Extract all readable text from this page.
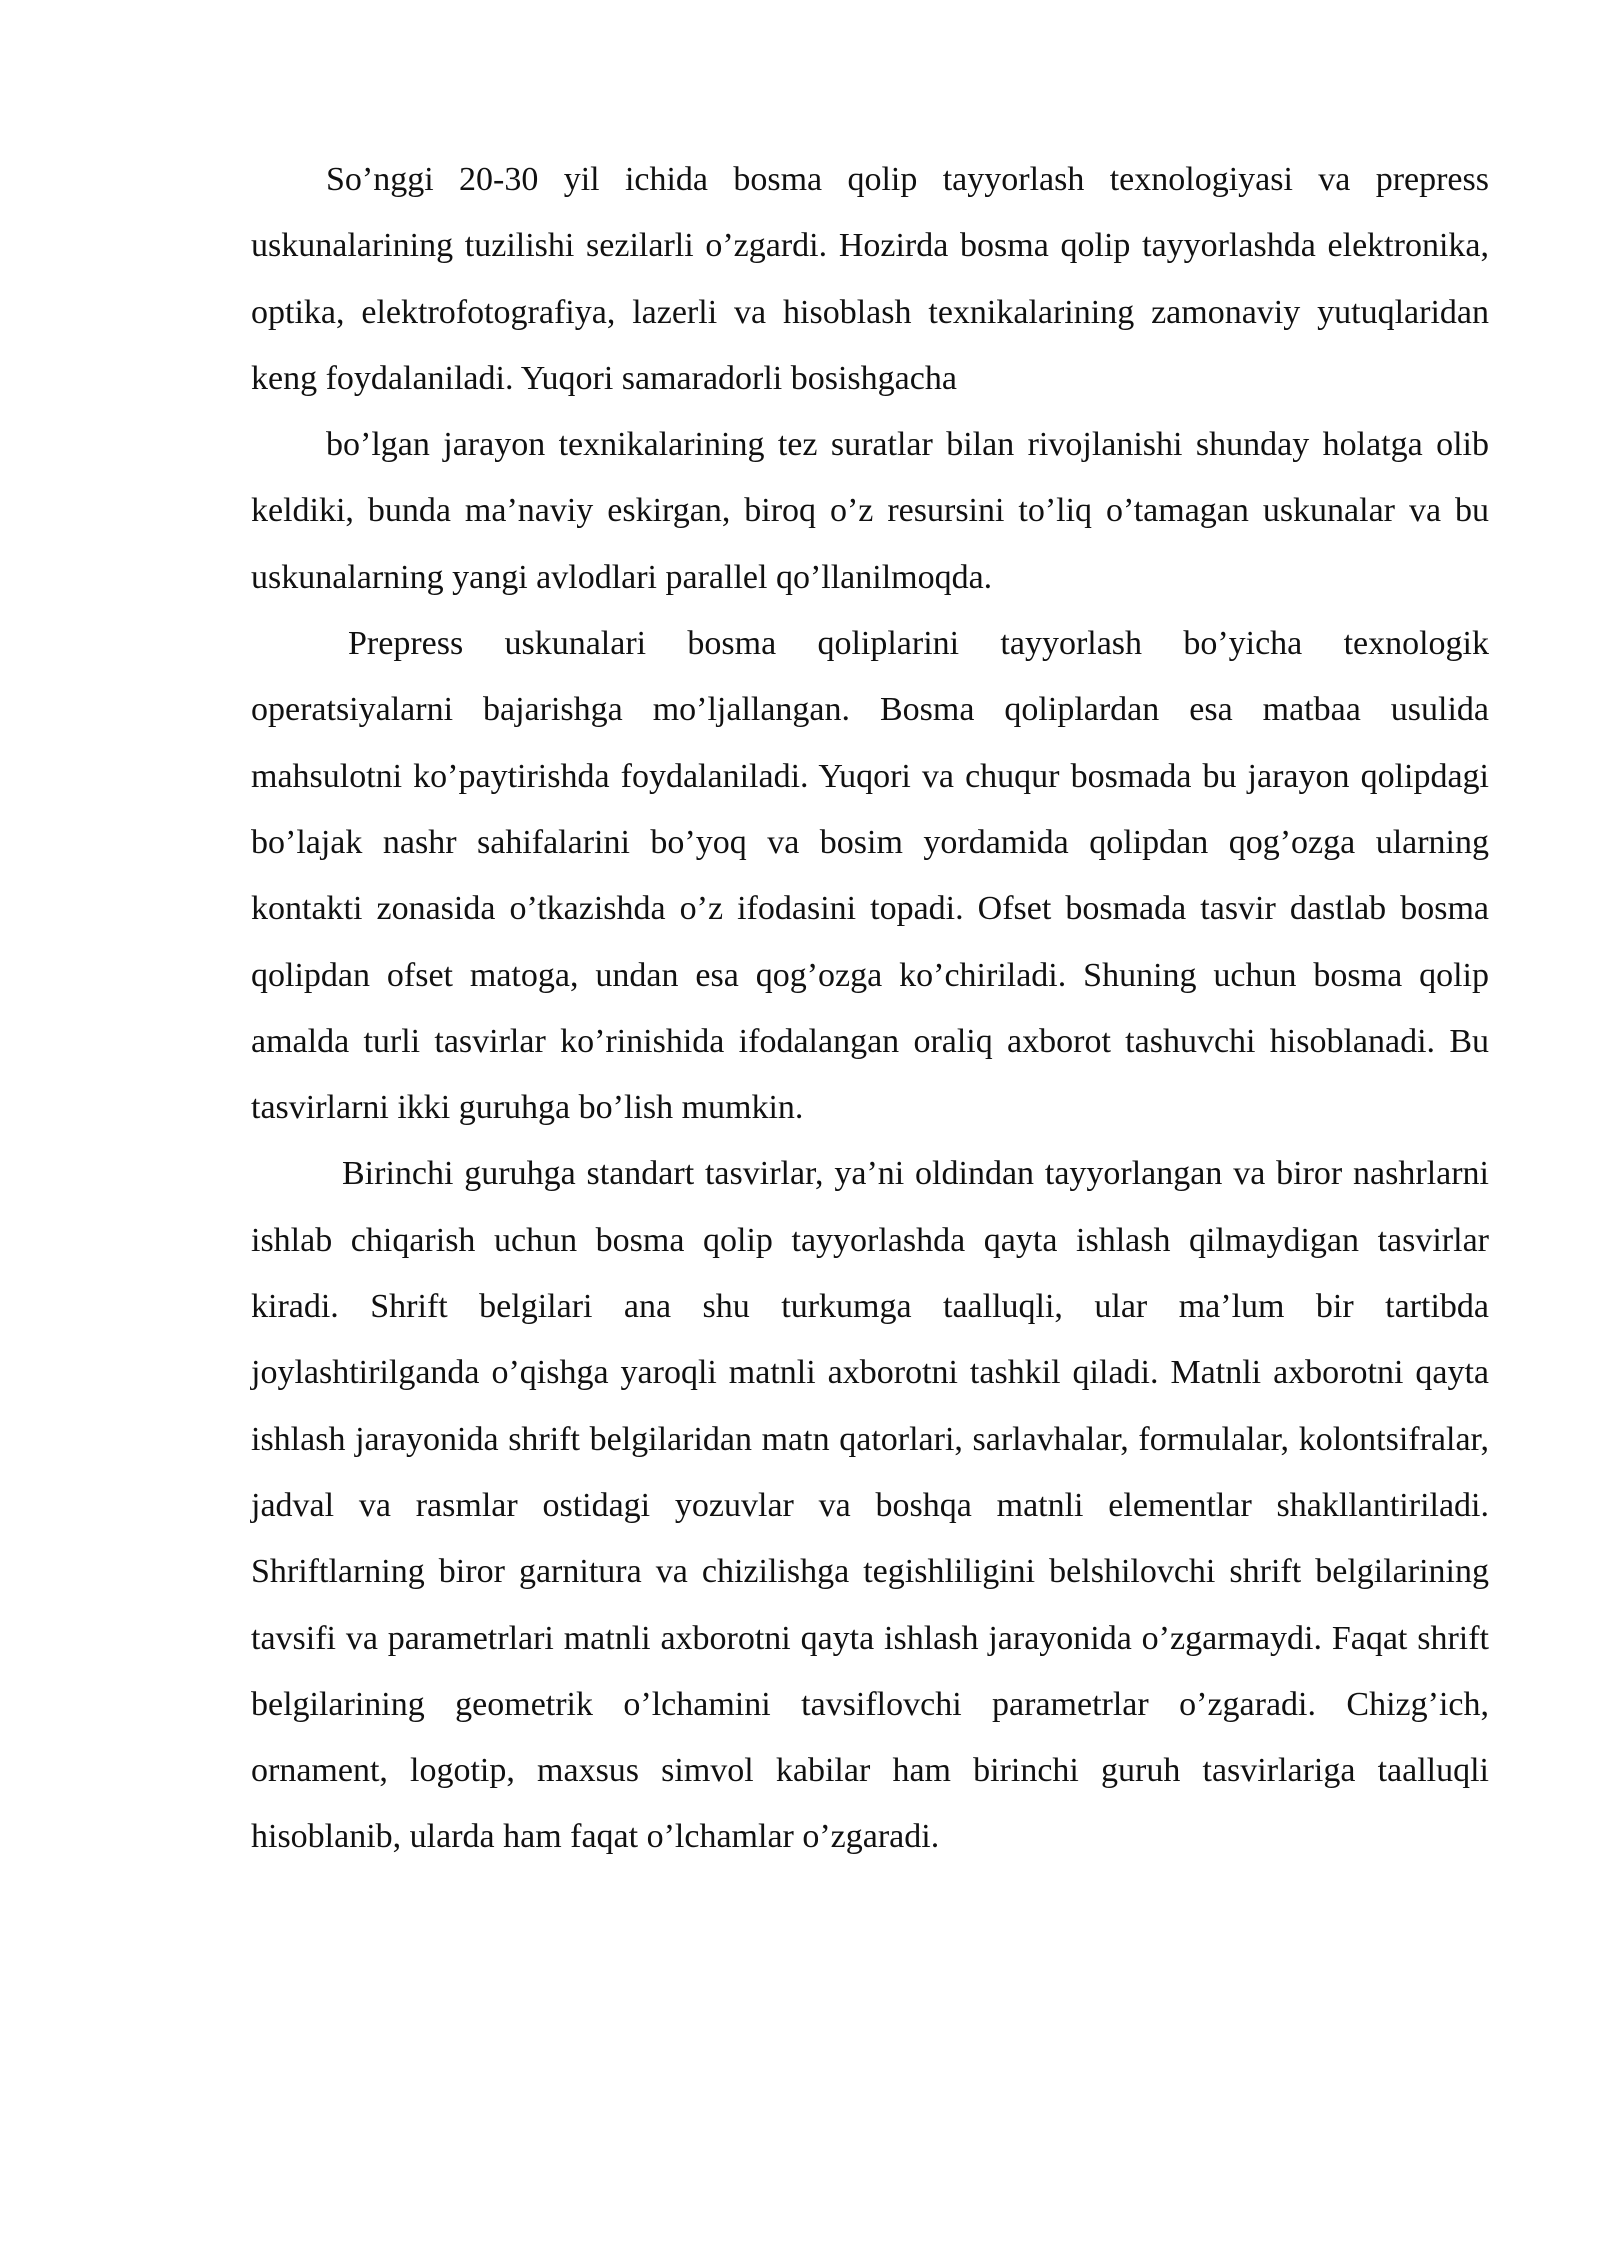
So’nggi 20-30 yil ichida bosma qolip tayyorlash texnologiyasi va prepress uskunalarining tuzilishi sezilarli o’zgardi. Hozirda bosma qolip tayyorlashda elektronika, optika, elektrofotografiya, lazerli va hisoblash texnikalarining zamonaviy yutuqlaridan keng foydalaniladi. Yuqori samaradorli bosishgacha

bo’lgan jarayon texnikalarining tez suratlar bilan rivojlanishi shunday holatga olib keldiki, bunda ma’naviy eskirgan, biroq o’z resursini to’liq o’tamagan uskunalar va bu uskunalarning yangi avlodlari parallel qo’llanilmoqda.

Prepress uskunalari bosma qoliplarini tayyorlash bo’yicha texnologik operatsiyalarni bajarishga mo’ljallangan. Bosma qoliplardan esa matbaa usulida mahsulotni ko’paytirishda foydalaniladi. Yuqori va chuqur bosmada bu jarayon qolipdagi bo’lajak nashr sahifalarini bo’yoq va bosim yordamida qolipdan qog’ozga ularning kontakti zonasida o’tkazishda o’z ifodasini topadi. Ofset bosmada tasvir dastlab bosma qolipdan ofset matoga, undan esa qog’ozga ko’chiriladi. Shuning uchun bosma qolip amalda turli tasvirlar ko’rinishida ifodalangan oraliq axborot tashuvchi hisoblanadi. Bu tasvirlarni ikki guruhga bo’lish mumkin.

Birinchi guruhga standart tasvirlar, ya’ni oldindan tayyorlangan va biror nashrlarni ishlab chiqarish uchun bosma qolip tayyorlashda qayta ishlash qilmaydigan tasvirlar kiradi. Shrift belgilari ana shu turkumga taalluqli, ular ma’lum bir tartibda joylashtirilganda o’qishga yaroqli matnli axborotni tashkil qiladi. Matnli axborotni qayta ishlash jarayonida shrift belgilaridan matn qatorlari, sarlavhalar, formulalar, kolontsifralar, jadval va rasmlar ostidagi yozuvlar va boshqa matnli elementlar shakllantiriladi. Shriftlarning biror garnitura va chizilishga tegishliligini belshilovchi shrift belgilarining tavsifi va parametrlari matnli axborotni qayta ishlash jarayonida o’zgarmaydi. Faqat shrift belgilarining geometrik o’lchamini tavsiflovchi parametrlar o’zgaradi. Chizg’ich, ornament, logotip, maxsus simvol kabilar ham birinchi guruh tasvirlariga taalluqli hisoblanib, ularda ham faqat o’lchamlar o’zgaradi.
